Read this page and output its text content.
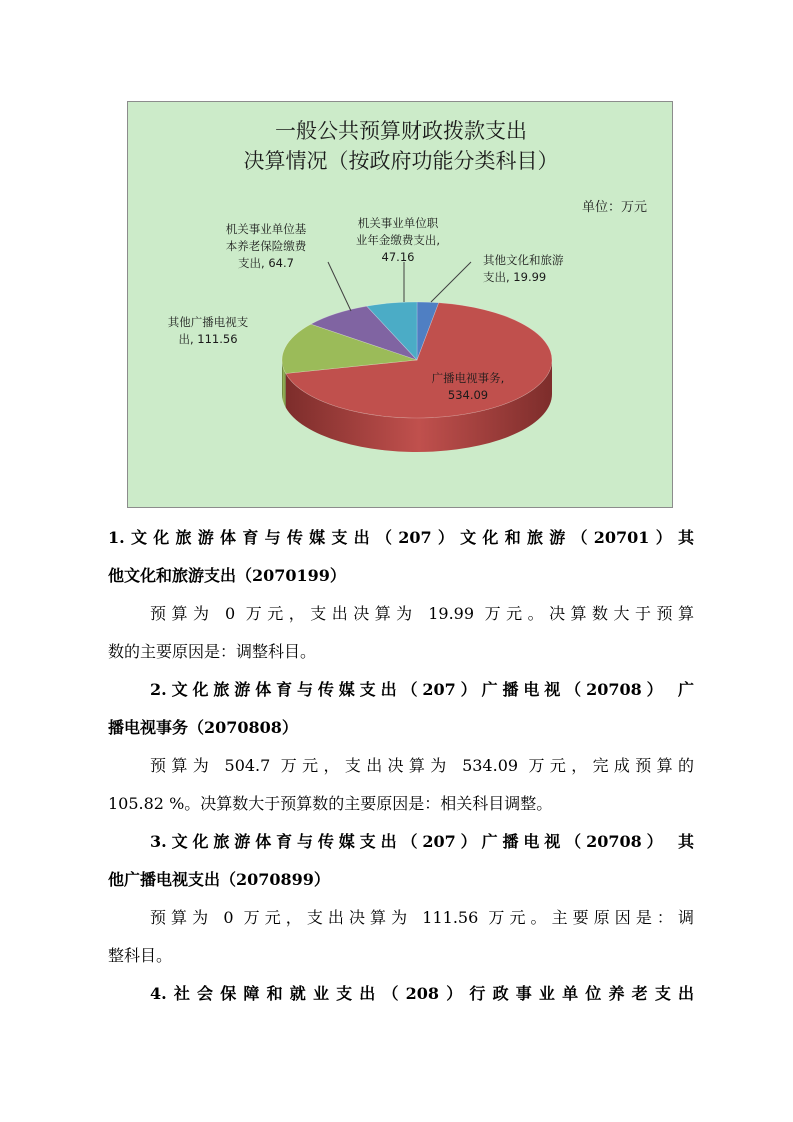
一般公共预算财政拨款支出
决算情况（按政府功能分类科目）
单位：万元
其他文化和旅游
支出, 19.99
广播电视事务,
534.09
其他广播电视支
出, 111.56
机关事业单位基
本养老保险缴费
支出, 64.7
机关事业单位职
业年金缴费支出,
47.16
1.文化旅游体育与传媒支出（207）文化和旅游（20701）其
他文化和旅游支出（2070199）
预算为 0 万元，支出决算为 19.99 万元。决算数大于预算
数的主要原因是：调整科目。
2.文化旅游体育与传媒支出（207）广播电视（20708） 广
播电视事务（2070808）
预算为 504.7 万元，支出决算为 534.09 万元，完成预算的
105.82 %。决算数大于预算数的主要原因是：相关科目调整。
3.文化旅游体育与传媒支出（207）广播电视（20708） 其
他广播电视支出（2070899）
预算为 0 万元，支出决算为 111.56 万元。主要原因是：调
整科目。
4.社会保障和就业支出（208）行政事业单位养老支出
